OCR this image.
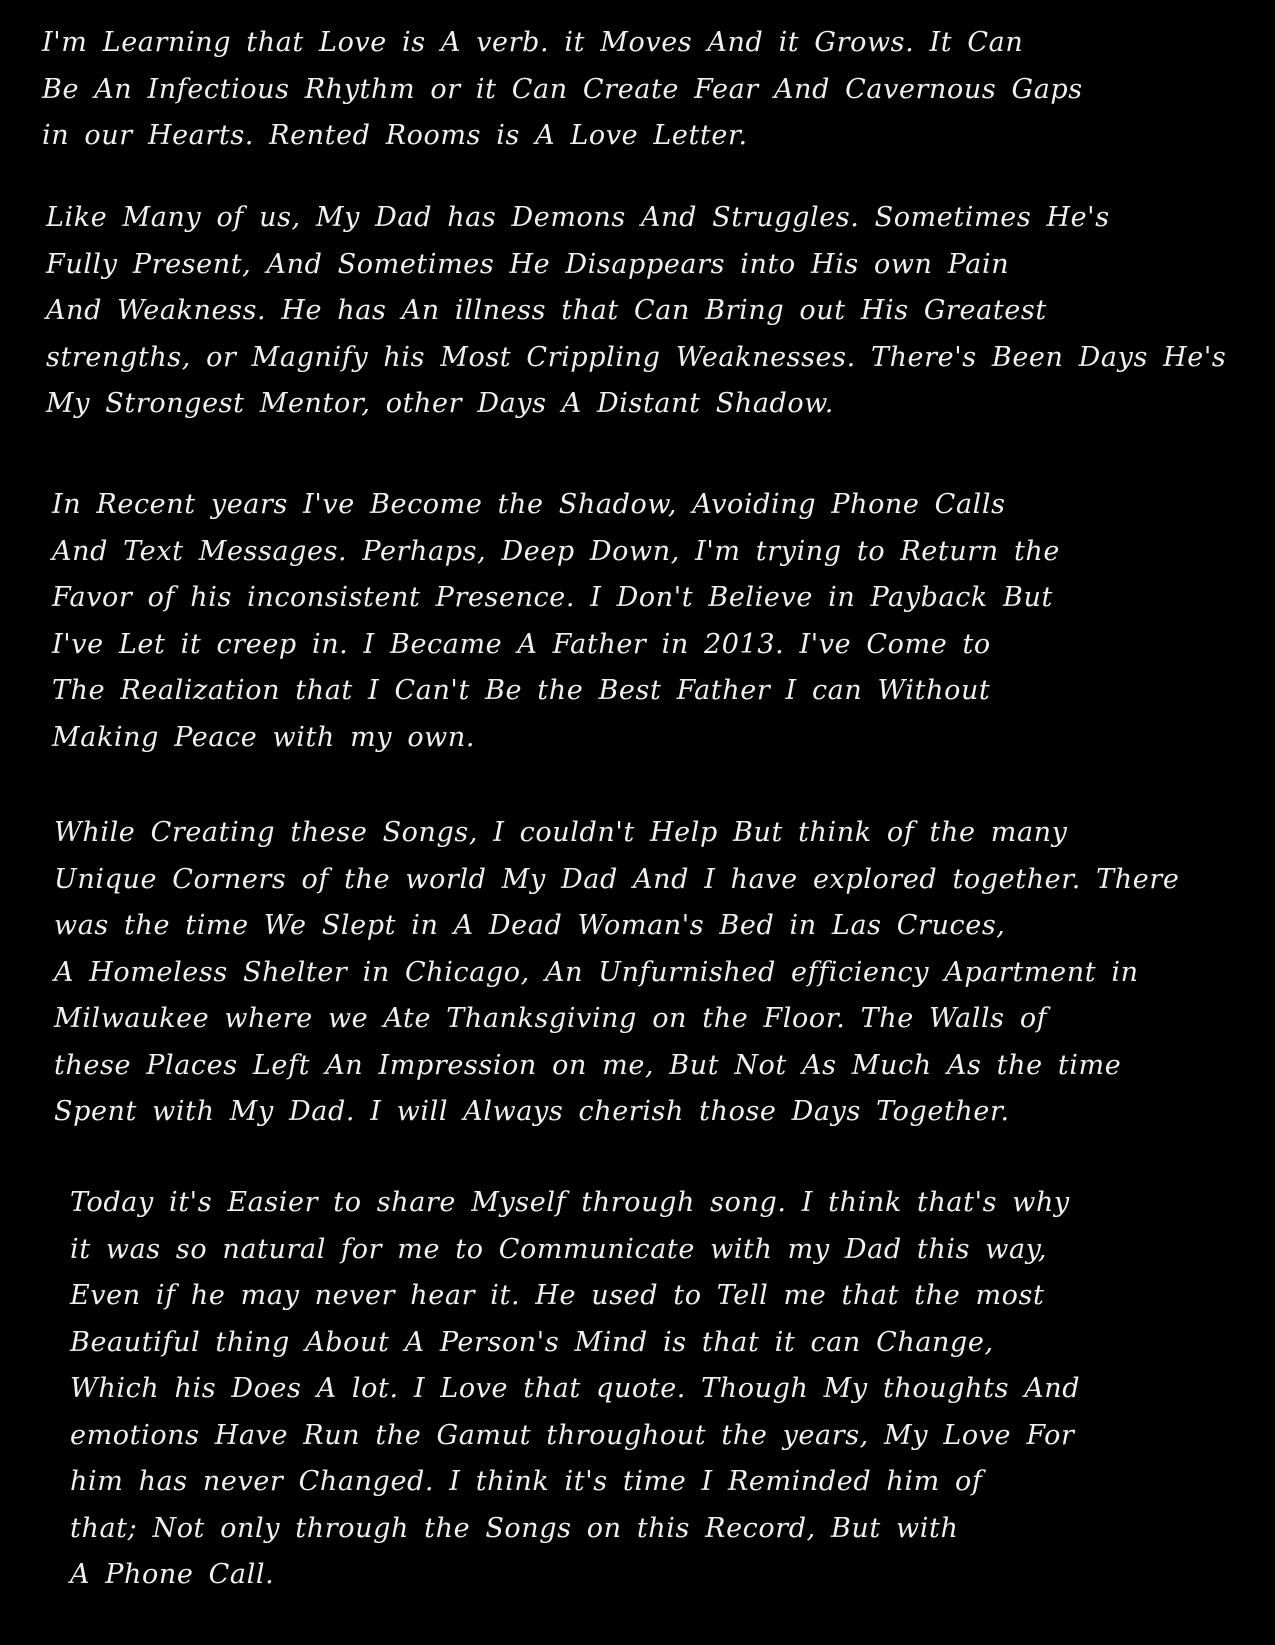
I'm Learning that Love is A verb. it Moves And it Grows. It Can
Be An Infectious Rhythm or it Can Create Fear And Cavernous Gaps
in our Hearts. Rented Rooms is A Love Letter.

Like Many of us, My Dad has Demons And Struggles. Sometimes He's
Fully Present, And Sometimes He Disappears into His own Pain
And Weakness. He has An illness that Can Bring out His Greatest
strengths, or Magnify his Most Crippling Weaknesses. There's Been Days He's
My Strongest Mentor, other Days A Distant Shadow.

In Recent years I've Become the Shadow, Avoiding Phone Calls
And Text Messages. Perhaps, Deep Down, I'm trying to Return the
Favor of his inconsistent Presence. I Don't Believe in Payback But
I've Let it creep in. I Became A Father in 2013. I've Come to
The Realization that I Can't Be the Best Father I can Without
Making Peace with my own.

While Creating these Songs, I couldn't Help But think of the many
Unique Corners of the world My Dad And I have explored together. There
was the time We Slept in A Dead Woman's Bed in Las Cruces,
A Homeless Shelter in Chicago, An Unfurnished efficiency Apartment in
Milwaukee where we Ate Thanksgiving on the Floor. The Walls of
these Places Left An Impression on me, But Not As Much As the time
Spent with My Dad. I will Always cherish those Days Together.

Today it's Easier to share Myself through song. I think that's why
it was so natural for me to Communicate with my Dad this way,
Even if he may never hear it. He used to Tell me that the most
Beautiful thing About A Person's Mind is that it can Change,
Which his Does A lot. I Love that quote. Though My thoughts And
emotions Have Run the Gamut throughout the years, My Love For
him has never Changed. I think it's time I Reminded him of
that; Not only through the Songs on this Record, But with
A Phone Call.
